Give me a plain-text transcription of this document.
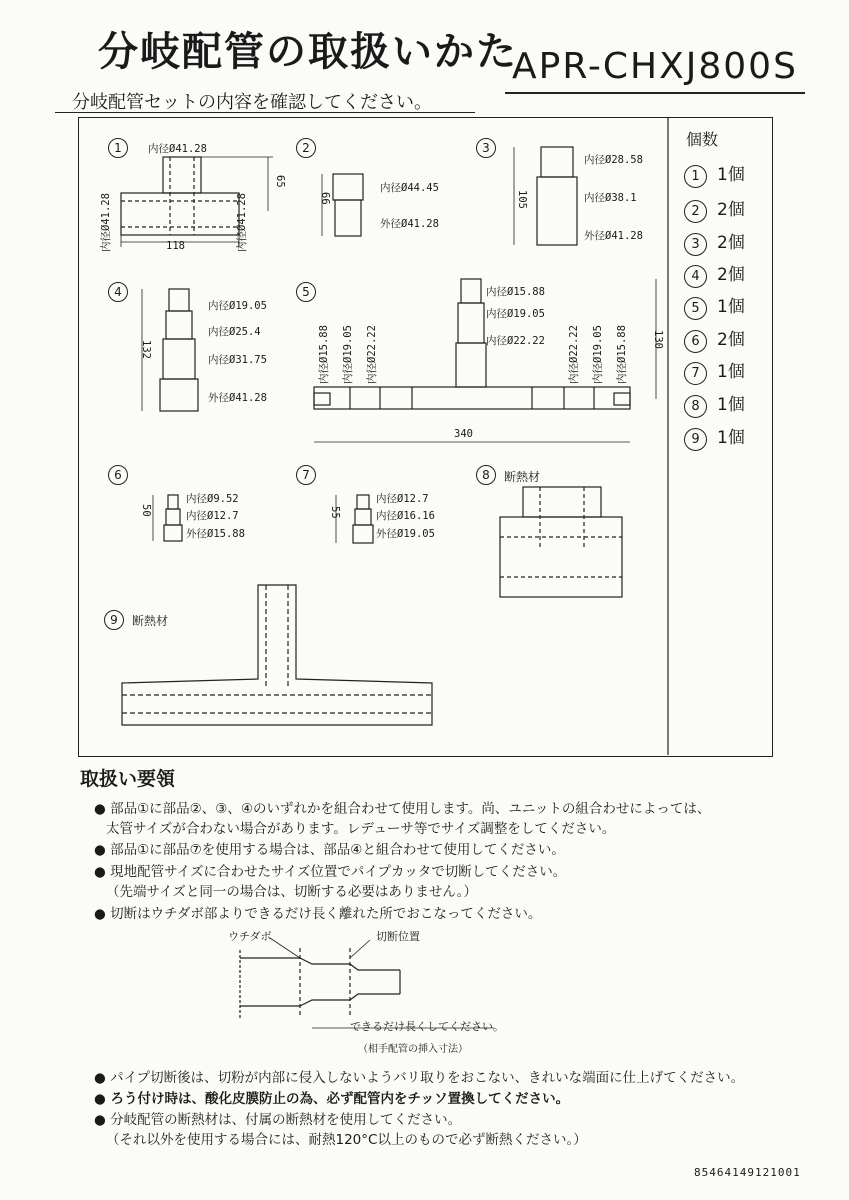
分岐配管の取扱いかた
APR-CHXJ800S
分岐配管セットの内容を確認してください。
1	2	3
4	5
6	7	8
9
断熱材
断熱材
内径Ø41.28
内径Ø41.28	内径Ø41.28
118
65
内径Ø44.45
外径Ø41.28
66
内径Ø28.58
内径Ø38.1
外径Ø41.28
105
内径Ø19.05
内径Ø25.4
内径Ø31.75
外径Ø41.28
132
内径Ø15.88
内径Ø19.05
内径Ø22.22
内径Ø15.88 内径Ø19.05 内径Ø22.22	内径Ø22.22 内径Ø19.05 内径Ø15.88
340
130
内径Ø9.52
内径Ø12.7
外径Ø15.88
50
内径Ø12.7
内径Ø16.16
外径Ø19.05
55
個数
1 1個
2 2個
3 2個
4 2個
5 1個
6 2個
7 1個
8 1個
9 1個
取扱い要領
● 部品①に部品②、③、④のいずれかを組合わせて使用します。尚、ユニットの組合わせによっては、
太管サイズが合わない場合があります。レデューサ等でサイズ調整をしてください。
● 部品①に部品⑦を使用する場合は、部品④と組合わせて使用してください。
● 現地配管サイズに合わせたサイズ位置でパイプカッタで切断してください。
（先端サイズと同一の場合は、切断する必要はありません。）
● 切断はウチダボ部よりできるだけ長く離れた所でおこなってください。
ウチダボ	切断位置
できるだけ長くしてください。
（相手配管の挿入寸法）
● パイプ切断後は、切粉が内部に侵入しないようバリ取りをおこない、きれいな端面に仕上げてください。
● ろう付け時は、酸化皮膜防止の為、必ず配管内をチッソ置換してください。
● 分岐配管の断熱材は、付属の断熱材を使用してください。
（それ以外を使用する場合には、耐熱120°C以上のもので必ず断熱ください。）
85464149121001
